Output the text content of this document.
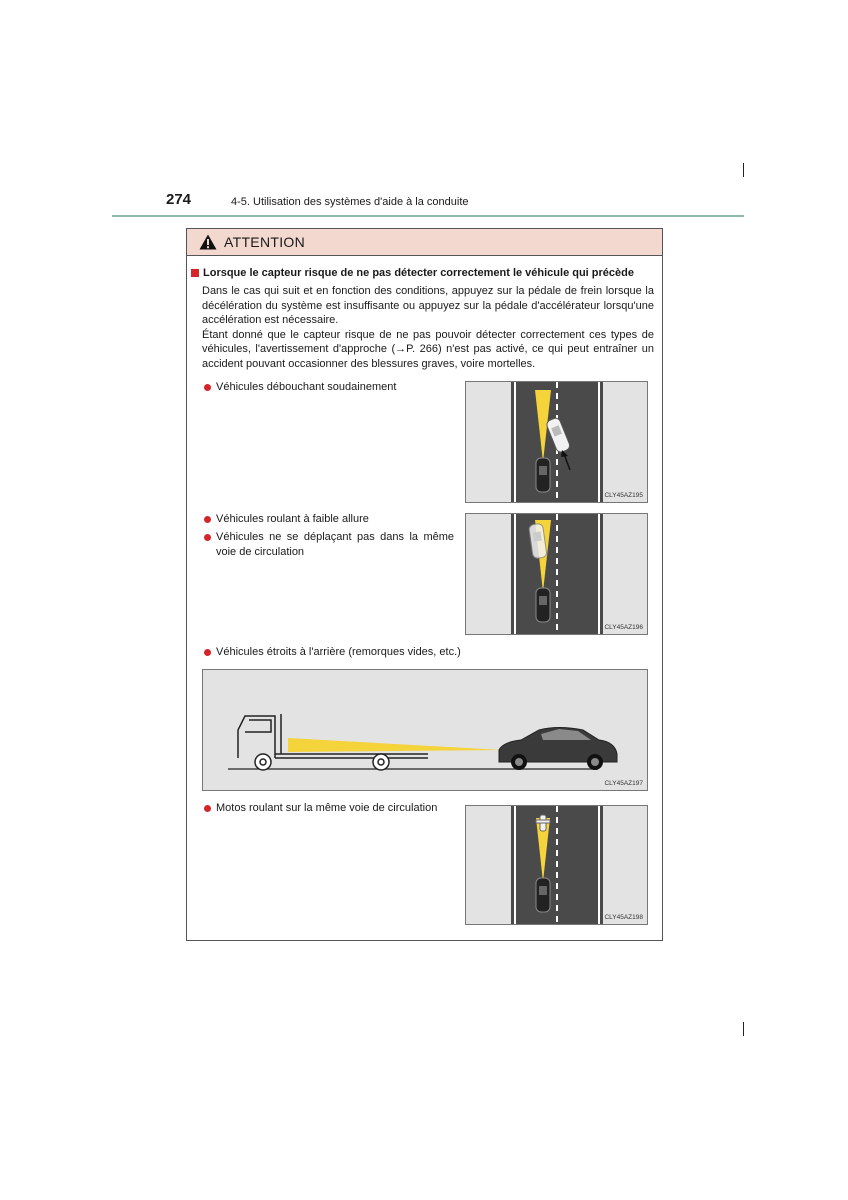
274	4-5. Utilisation des systèmes d'aide à la conduite
ATTENTION
Lorsque le capteur risque de ne pas détecter correctement le véhicule qui précède

Dans le cas qui suit et en fonction des conditions, appuyez sur la pédale de frein lorsque la décélération du système est insuffisante ou appuyez sur la pédale d'accélérateur lorsqu'une accélération est nécessaire.

Étant donné que le capteur risque de ne pas pouvoir détecter correctement ces types de véhicules, l'avertissement d'approche (→P. 266) n'est pas activé, ce qui peut entraîner un accident pouvant occasionner des blessures graves, voire mortelles.

Véhicules débouchant soudainement
Véhicules roulant à faible allure
Véhicules ne se déplaçant pas dans la même voie de circulation
Véhicules étroits à l'arrière (remorques vides, etc.)
Motos roulant sur la même voie de circulation
CLY45AZ195
CLY45AZ196
CLY45AZ197
CLY45AZ198
